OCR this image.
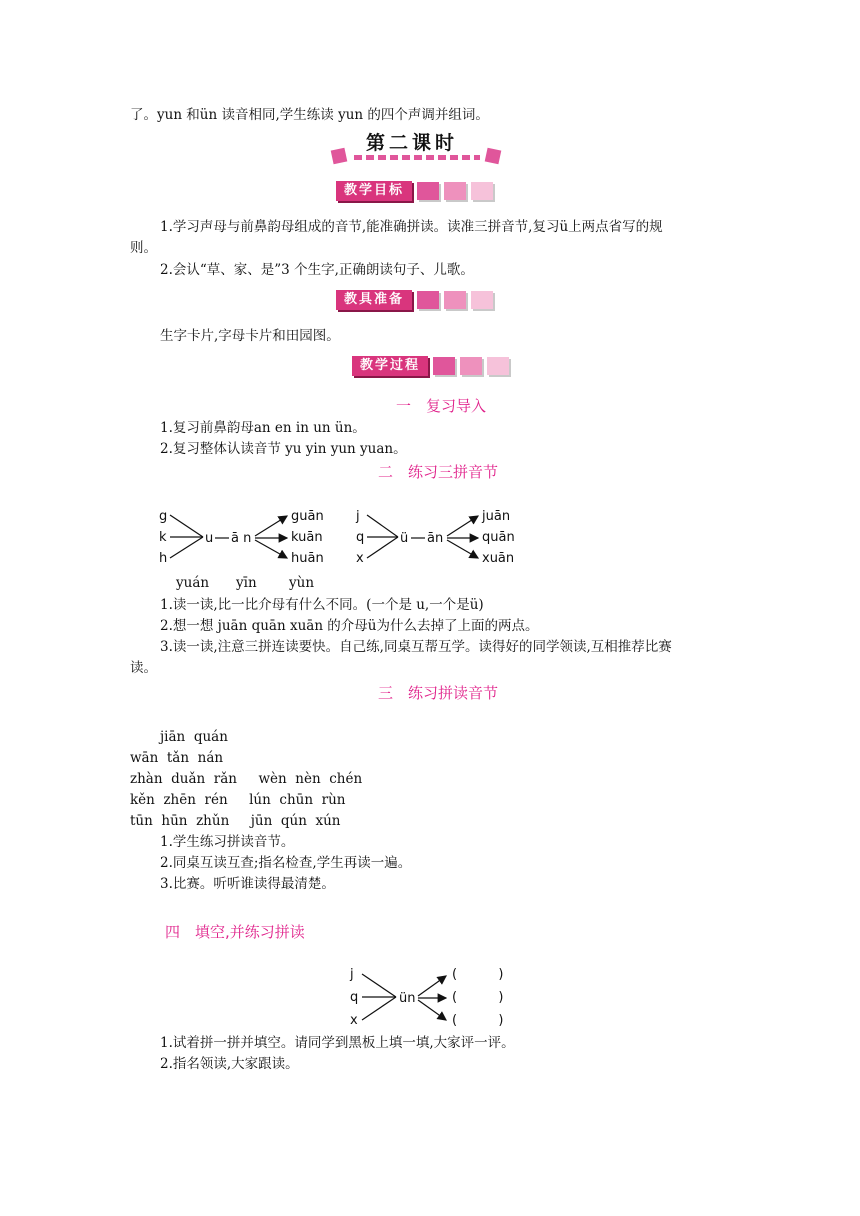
了。yun 和ün 读音相同,学生练读 yun 的四个声调并组词。
第二课时
教学目标
1.学习声母与前鼻韵母组成的音节,能准确拼读。读准三拼音节,复习ü上两点省写的规
则。
2.会认“草、家、是”3 个生字,正确朗读句子、儿歌。
教具准备
生字卡片,字母卡片和田园图。
教学过程
一　复习导入
1.复习前鼻韵母an en in un ün。
2.复习整体认读音节 yu yin yun yuan。
二　练习三拼音节
g
k
h
u ā n
guān
kuān
huān
j
q
x
ü ān
juān
quān
xuān
yuán yīn yùn
1.读一读,比一比介母有什么不同。(一个是 u,一个是ü)
2.想一想 juān quān xuān 的介母ü为什么去掉了上面的两点。
3.读一读,注意三拼连读要快。自己练,同桌互帮互学。读得好的同学领读,互相推荐比赛
读。
三　练习拼读音节
jiān  quán
wān  tǎn  nán
zhàn  duǎn  rǎn     wèn  nèn  chén
kěn  zhēn  rén     lún  chūn  rùn
tūn  hūn  zhǔn     jūn  qún  xún
1.学生练习拼读音节。
2.同桌互读互查;指名检查,学生再读一遍。
3.比赛。听听谁读得最清楚。
四　填空,并练习拼读
j
q
x
ün
(          )
(          )
(          )
1.试着拼一拼并填空。请同学到黑板上填一填,大家评一评。
2.指名领读,大家跟读。
